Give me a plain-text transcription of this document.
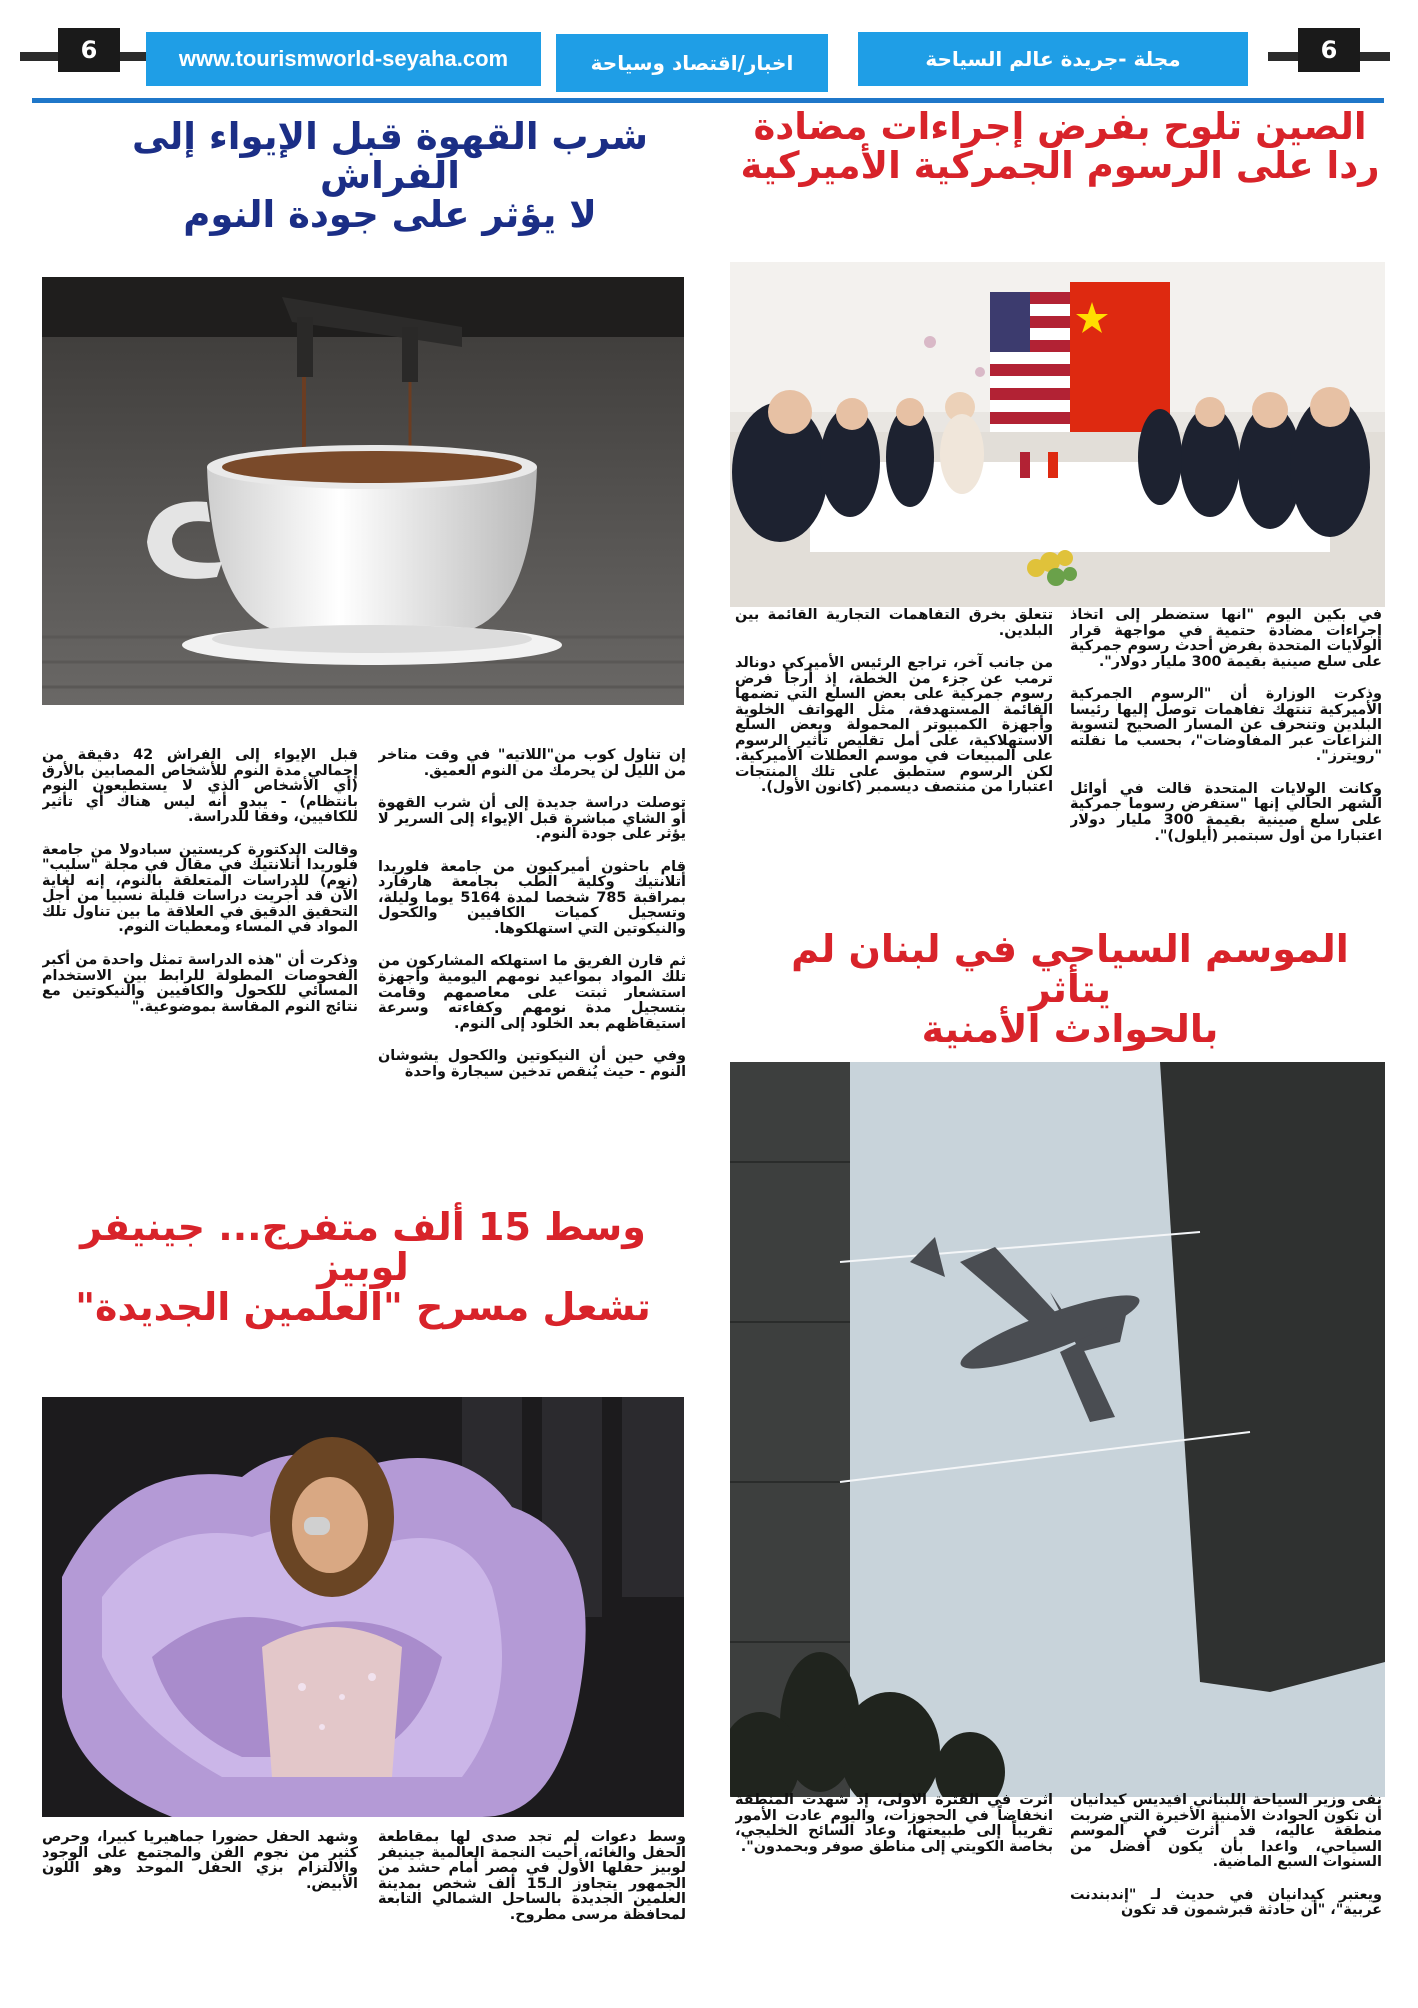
6	www.tourismworld-seyaha.com	اخبار/اقتصاد وسياحة	مجلة -جريدة عالم السياحة	6
الصين تلوح بفرض إجراءات مضادة
ردا على الرسوم الجمركية الأميركية

في بكين اليوم "أنها ستضطر إلى اتخاذ إجراءات مضادة حتمية في مواجهة قرار الولايات المتحدة بفرض أحدث رسوم جمركية على سلع صينية بقيمة 300 مليار دولار".

وذكرت الوزارة أن "الرسوم الجمركية الأميركية تنتهك تفاهمات توصل إليها رئيسا البلدين وتنحرف عن المسار الصحيح لتسوية النزاعات عبر المفاوضات"، بحسب ما نقلته "رويترز".

وكانت الولايات المتحدة قالت في أوائل الشهر الحالي إنها "ستفرض رسوما جمركية على سلع صينية بقيمة 300 مليار دولار اعتبارا من أول سبتمبر (أيلول)".

تتعلق بخرق التفاهمات التجارية القائمة بين البلدين.

من جانب آخر، تراجع الرئيس الأميركي دونالد ترمب عن جزء من الخطة، إذ أرجأ فرض رسوم جمركية على بعض السلع التي تضمها القائمة المستهدفة، مثل الهواتف الخلوية وأجهزة الكمبيوتر المحمولة وبعض السلع الاستهلاكية، على أمل تقليص تأثير الرسوم على المبيعات في موسم العطلات الأميركية. لكن الرسوم ستطبق على تلك المنتجات اعتبارا من منتصف ديسمبر (كانون الأول).

الموسم السياحي في لبنان لم يتأثر
بالحوادث الأمنية

نفى وزير السياحة اللبناني أفيديس كيدانيان أن تكون الحوادث الأمنية الأخيرة التي ضربت منطقة عاليه، قد أثرت في الموسم السياحي، واعدا بأن يكون أفضل من السنوات السبع الماضية.

ويعتبر كيدانيان في حديث لـ "إندبندنت عربية"، "أن حادثة قبرشمون قد تكون

أثرت في الفترة الأولى، إذ شهدت المنطقة انخفاضاً في الحجوزات، واليوم عادت الأمور تقريباً إلى طبيعتها، وعاد السائح الخليجي، بخاصة الكويتي إلى مناطق صوفر وبحمدون".

شرب القهوة قبل الإيواء إلى الفراش
لا يؤثر على جودة النوم

إن تناول كوب من"اللاتيه" في وقت متأخر من الليل لن يحرمك من النوم العميق.

توصلت دراسة جديدة إلى أن شرب القهوة أو الشاي مباشرة قبل الإيواء إلى السرير لا يؤثر على جودة النوم.

قام باحثون أميركيون من جامعة فلوريدا أتلانتيك وكلية الطب بجامعة هارفارد بمراقبة 785 شخصا لمدة 5164 يوما وليلة، وتسجيل كميات الكافيين والكحول والنيكوتين التي استهلكوها.

ثم قارن الفريق ما استهلكه المشاركون من تلك المواد بمواعيد نومهم اليومية وأجهزة استشعار ثبتت على معاصمهم وقامت بتسجيل مدة نومهم وكفاءته وسرعة استيقاظهم بعد الخلود إلى النوم.

وفي حين أن النيكوتين والكحول يشوشان النوم - حيث يُنقص تدخين سيجارة واحدة

قبل الإيواء إلى الفراش 42 دقيقة من إجمالي مدة النوم للأشخاص المصابين بالأرق (أي الأشخاص الذي لا يستطيعون النوم بانتظام) - يبدو أنه ليس هناك أي تأثير للكافيين، وفقا للدراسة.

وقالت الدكتورة كريستين سبادولا من جامعة فلوريدا أتلانتيك في مقال في مجلة "سليب" (نوم) للدراسات المتعلقة بالنوم، إنه لغاية الآن قد أجريت دراسات قليلة نسبيا من أجل التحقيق الدقيق في العلاقة ما بين تناول تلك المواد في المساء ومعطيات النوم.

وذكرت أن "هذه الدراسة تمثل واحدة من أكبر الفحوصات المطولة للرابط بين الاستخدام المسائي للكحول والكافيين والنيكوتين مع نتائج النوم المقاسة بموضوعية."

وسط 15 ألف متفرج... جينيفر لوبيز
تشعل مسرح "العلمين الجديدة"

وسط دعوات لم تجد صدى لها بمقاطعة الحفل والغائه، أحيت النجمة العالمية جينيفر لوبيز حفلها الأول في مصر أمام حشد من الجمهور يتجاوز الـ15 ألف شخص بمدينة العلمين الجديدة بالساحل الشمالي التابعة لمحافظة مرسى مطروح.

وشهد الحفل حضورا جماهيريا كبيرا، وحرص كثير من نجوم الفن والمجتمع على الوجود والالتزام بزي الحفل الموحد وهو اللون الأبيض.
